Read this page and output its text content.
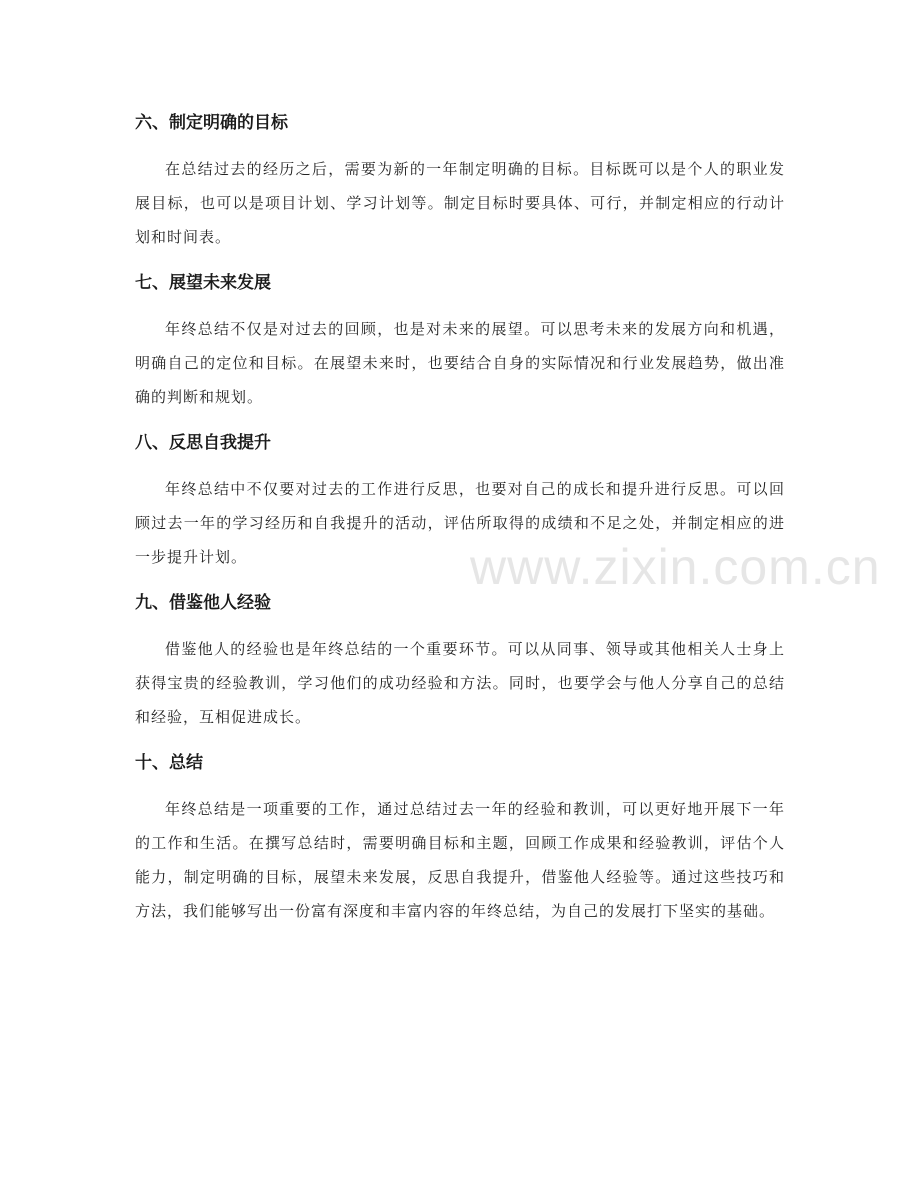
六、制定明确的目标

在总结过去的经历之后，需要为新的一年制定明确的目标。目标既可以是个人的职业发展目标，也可以是项目计划、学习计划等。制定目标时要具体、可行，并制定相应的行动计划和时间表。

七、展望未来发展

年终总结不仅是对过去的回顾，也是对未来的展望。可以思考未来的发展方向和机遇，明确自己的定位和目标。在展望未来时，也要结合自身的实际情况和行业发展趋势，做出准确的判断和规划。

八、反思自我提升

年终总结中不仅要对过去的工作进行反思，也要对自己的成长和提升进行反思。可以回顾过去一年的学习经历和自我提升的活动，评估所取得的成绩和不足之处，并制定相应的进一步提升计划。

九、借鉴他人经验

借鉴他人的经验也是年终总结的一个重要环节。可以从同事、领导或其他相关人士身上获得宝贵的经验教训，学习他们的成功经验和方法。同时，也要学会与他人分享自己的总结和经验，互相促进成长。

十、总结

年终总结是一项重要的工作，通过总结过去一年的经验和教训，可以更好地开展下一年的工作和生活。在撰写总结时，需要明确目标和主题，回顾工作成果和经验教训，评估个人能力，制定明确的目标，展望未来发展，反思自我提升，借鉴他人经验等。通过这些技巧和方法，我们能够写出一份富有深度和丰富内容的年终总结，为自己的发展打下坚实的基础。

www.zixin.com.cn
